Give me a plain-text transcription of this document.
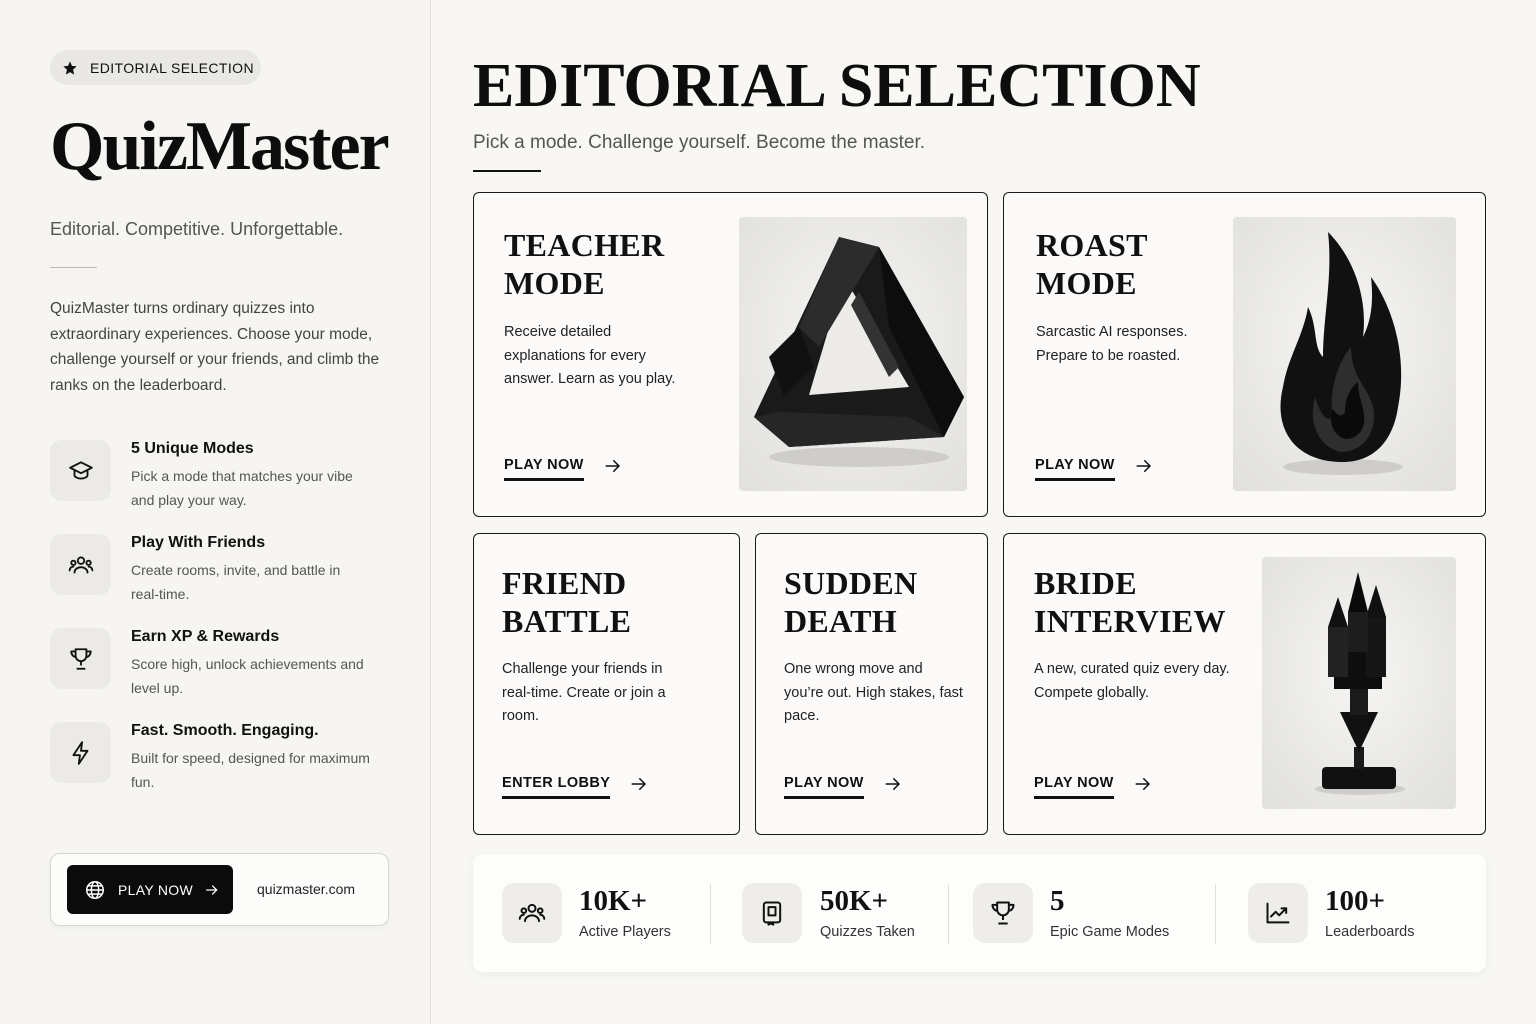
EDITORIAL SELECTION
QuizMaster
Editorial. Competitive. Unforgettable.

QuizMaster turns ordinary quizzes into extraordinary experiences. Choose your mode, challenge yourself or your friends, and climb the ranks on the leaderboard.

5 Unique Modes
Pick a mode that matches your vibe and play your way.
Play With Friends
Create rooms, invite, and battle in real-time.
Earn XP & Rewards
Score high, unlock achievements and level up.
Fast. Smooth. Engaging.
Built for speed, designed for maximum fun.
PLAY NOW	quizmaster.com
EDITORIAL SELECTION
Pick a mode. Challenge yourself. Become the master.
TEACHER
MODE
Receive detailed explanations for every answer. Learn as you play.
PLAY NOW
ROAST
MODE
Sarcastic AI responses. Prepare to be roasted.
PLAY NOW
FRIEND
BATTLE
Challenge your friends in real-time. Create or join a room.
ENTER LOBBY
SUDDEN
DEATH
One wrong move and you’re out. High stakes, fast pace.
PLAY NOW
BRIDE
INTERVIEW
A new, curated quiz every day. Compete globally.
PLAY NOW
10K+
Active Players
50K+
Quizzes Taken
5
Epic Game Modes
100+
Leaderboards
